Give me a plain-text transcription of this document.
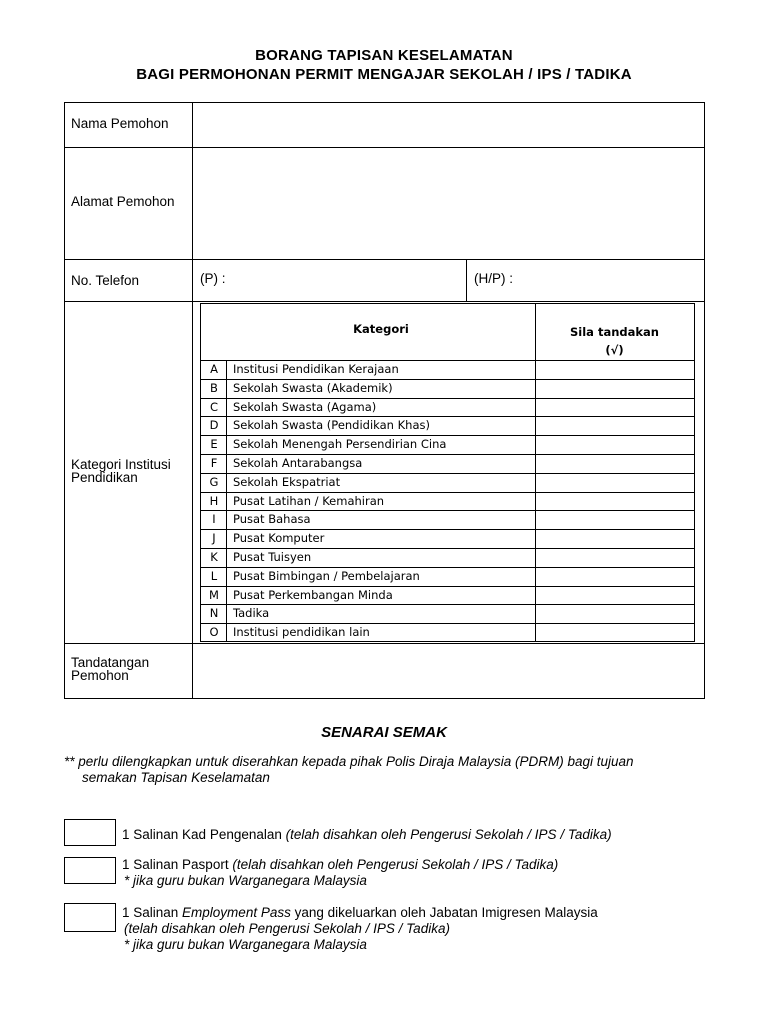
BORANG TAPISAN KESELAMATAN
BAGI PERMOHONAN PERMIT MENGAJAR SEKOLAH / IPS / TADIKA
Nama Pemohon
Alamat Pemohon
No. Telefon	(P) :	(H/P) :
Kategori Institusi
Pendidikan
Tandatangan
Pemohon
Kategori	Sila tandakan
(√)
A	Institusi Pendidikan Kerajaan
B	Sekolah Swasta (Akademik)
C	Sekolah Swasta (Agama)
D	Sekolah Swasta (Pendidikan Khas)
E	Sekolah Menengah Persendirian Cina
F	Sekolah Antarabangsa
G	Sekolah Ekspatriat
H	Pusat Latihan / Kemahiran
I	Pusat Bahasa
J	Pusat Komputer
K	Pusat Tuisyen
L	Pusat Bimbingan / Pembelajaran
M	Pusat Perkembangan Minda
N	Tadika
O	Institusi pendidikan lain
SENARAI SEMAK
** perlu dilengkapkan untuk diserahkan kepada pihak Polis Diraja Malaysia (PDRM) bagi tujuan
semakan Tapisan Keselamatan
1 Salinan Kad Pengenalan (telah disahkan oleh Pengerusi Sekolah / IPS / Tadika)
1 Salinan Pasport (telah disahkan oleh Pengerusi Sekolah / IPS / Tadika)
* jika guru bukan Warganegara Malaysia
1 Salinan Employment Pass yang dikeluarkan oleh Jabatan Imigresen Malaysia
(telah disahkan oleh Pengerusi Sekolah / IPS / Tadika)
* jika guru bukan Warganegara Malaysia
